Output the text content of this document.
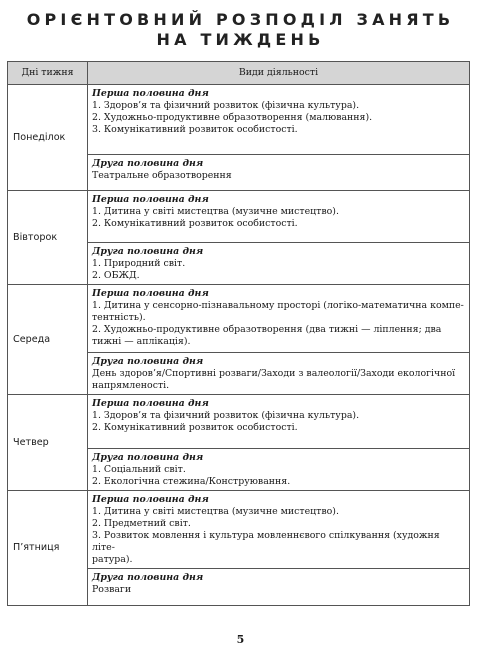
ОРІЄНТОВНИЙ РОЗПОДІЛ ЗАНЯТЬ
НА ТИЖДЕНЬ
Дні тижня	Види діяльності
Понеділок	Перша половина дня
1. Здоров’я та фізичний розвиток (фізична культура).
2. Художньо-продуктивне образотворення (малювання).
3. Комунікативний розвиток особистості.

	Друга половина дня
Театральне образотворення

Вівторок	Перша половина дня
1. Дитина у світі мистецтва (музичне мистецтво).
2. Комунікативний розвиток особистості.

	Друга половина дня
1. Природний світ.
2. ОБЖД.

Середа	Перша половина дня
1. Дитина у сенсорно-пізнавальному просторі (логіко-математична компе-
тентність).
2. Художньо-продуктивне образотворення (два тижні — ліплення; два
тижні — аплікація).

	Друга половина дня
День здоров’я/Спортивні розваги/Заходи з валеології/Заходи екологічної
напрямленості.

Четвер	Перша половина дня
1. Здоров’я та фізичний розвиток (фізична культура).
2. Комунікативний розвиток особистості.

	Друга половина дня
1. Соціальний світ.
2. Екологічна стежина/Конструювання.

П’ятниця	Перша половина дня
1. Дитина у світі мистецтва (музичне мистецтво).
2. Предметний світ.
3. Розвиток мовлення і культура мовленнєвого спілкування (художня літе-
ратура).

	Друга половина дня
Розваги
5
